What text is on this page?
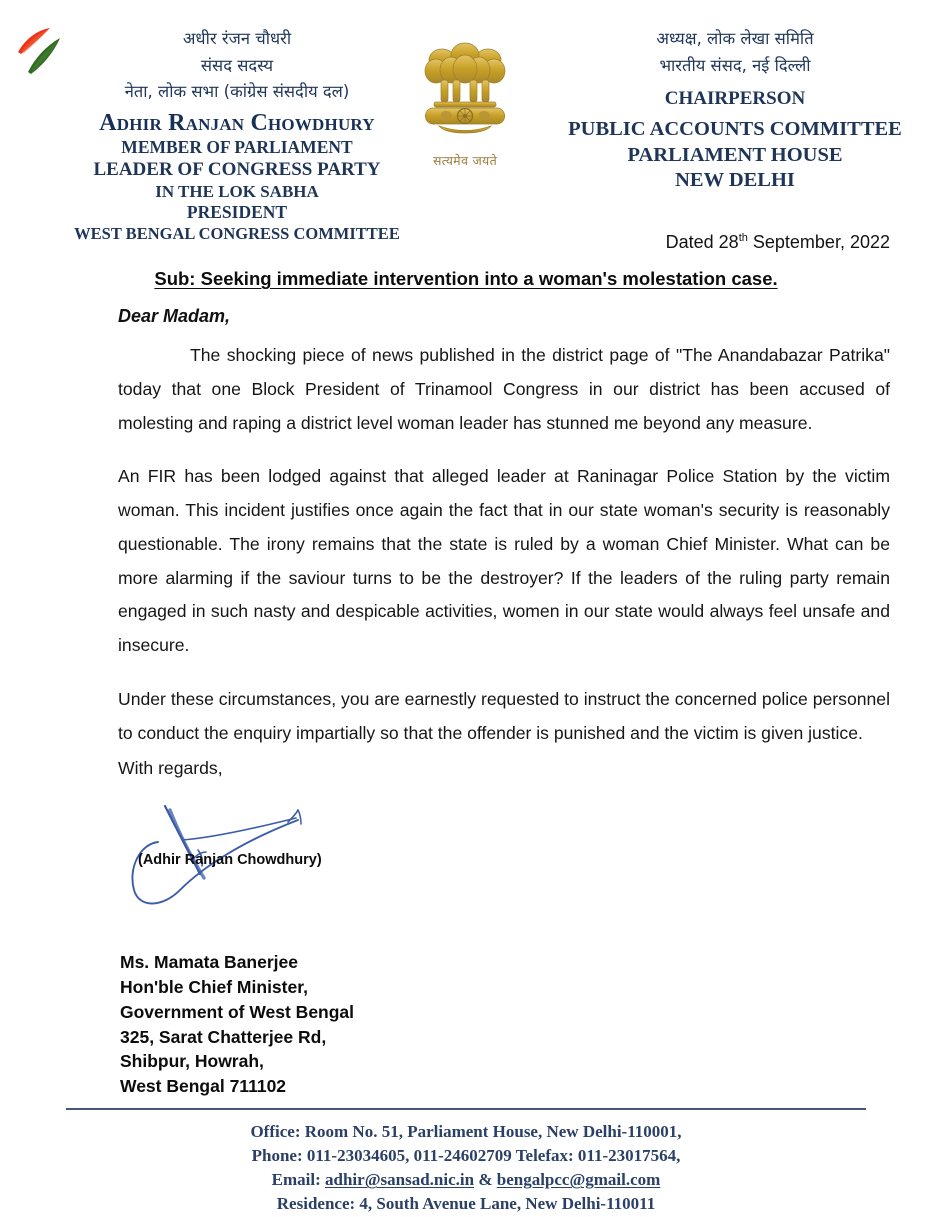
अधीर रंजन चौधरी
संसद सदस्य
नेता, लोक सभा (कांग्रेस संसदीय दल)
Adhir Ranjan Chowdhury
MEMBER OF PARLIAMENT
LEADER OF CONGRESS PARTY
IN THE LOK SABHA
PRESIDENT
WEST BENGAL CONGRESS COMMITTEE
सत्यमेव जयते
अध्यक्ष, लोक लेखा समिति
भारतीय संसद, नई दिल्ली
CHAIRPERSON
PUBLIC ACCOUNTS COMMITTEE
PARLIAMENT HOUSE
NEW DELHI
Dated 28th September, 2022
Sub: Seeking immediate intervention into a woman's molestation case.
Dear Madam,

The shocking piece of news published in the district page of "The Anandabazar Patrika" today that one Block President of Trinamool Congress in our district has been accused of molesting and raping a district level woman leader has stunned me beyond any measure.

An FIR has been lodged against that alleged leader at Raninagar Police Station by the victim woman. This incident justifies once again the fact that in our state woman's security is reasonably questionable. The irony remains that the state is ruled by a woman Chief Minister. What can be more alarming if the saviour turns to be the destroyer? If the leaders of the ruling party remain engaged in such nasty and despicable activities, women in our state would always feel unsafe and insecure.

Under these circumstances, you are earnestly requested to instruct the concerned police personnel to conduct the enquiry impartially so that the offender is punished and the victim is given justice.

With regards,

(Adhir Ranjan Chowdhury)
Ms. Mamata Banerjee
Hon'ble Chief Minister,
Government of West Bengal
325, Sarat Chatterjee Rd,
Shibpur, Howrah,
West Bengal 711102
Office: Room No. 51, Parliament House, New Delhi-110001,
Phone: 011-23034605, 011-24602709 Telefax: 011-23017564,
Email: adhir@sansad.nic.in & bengalpcc@gmail.com
Residence: 4, South Avenue Lane, New Delhi-110011
